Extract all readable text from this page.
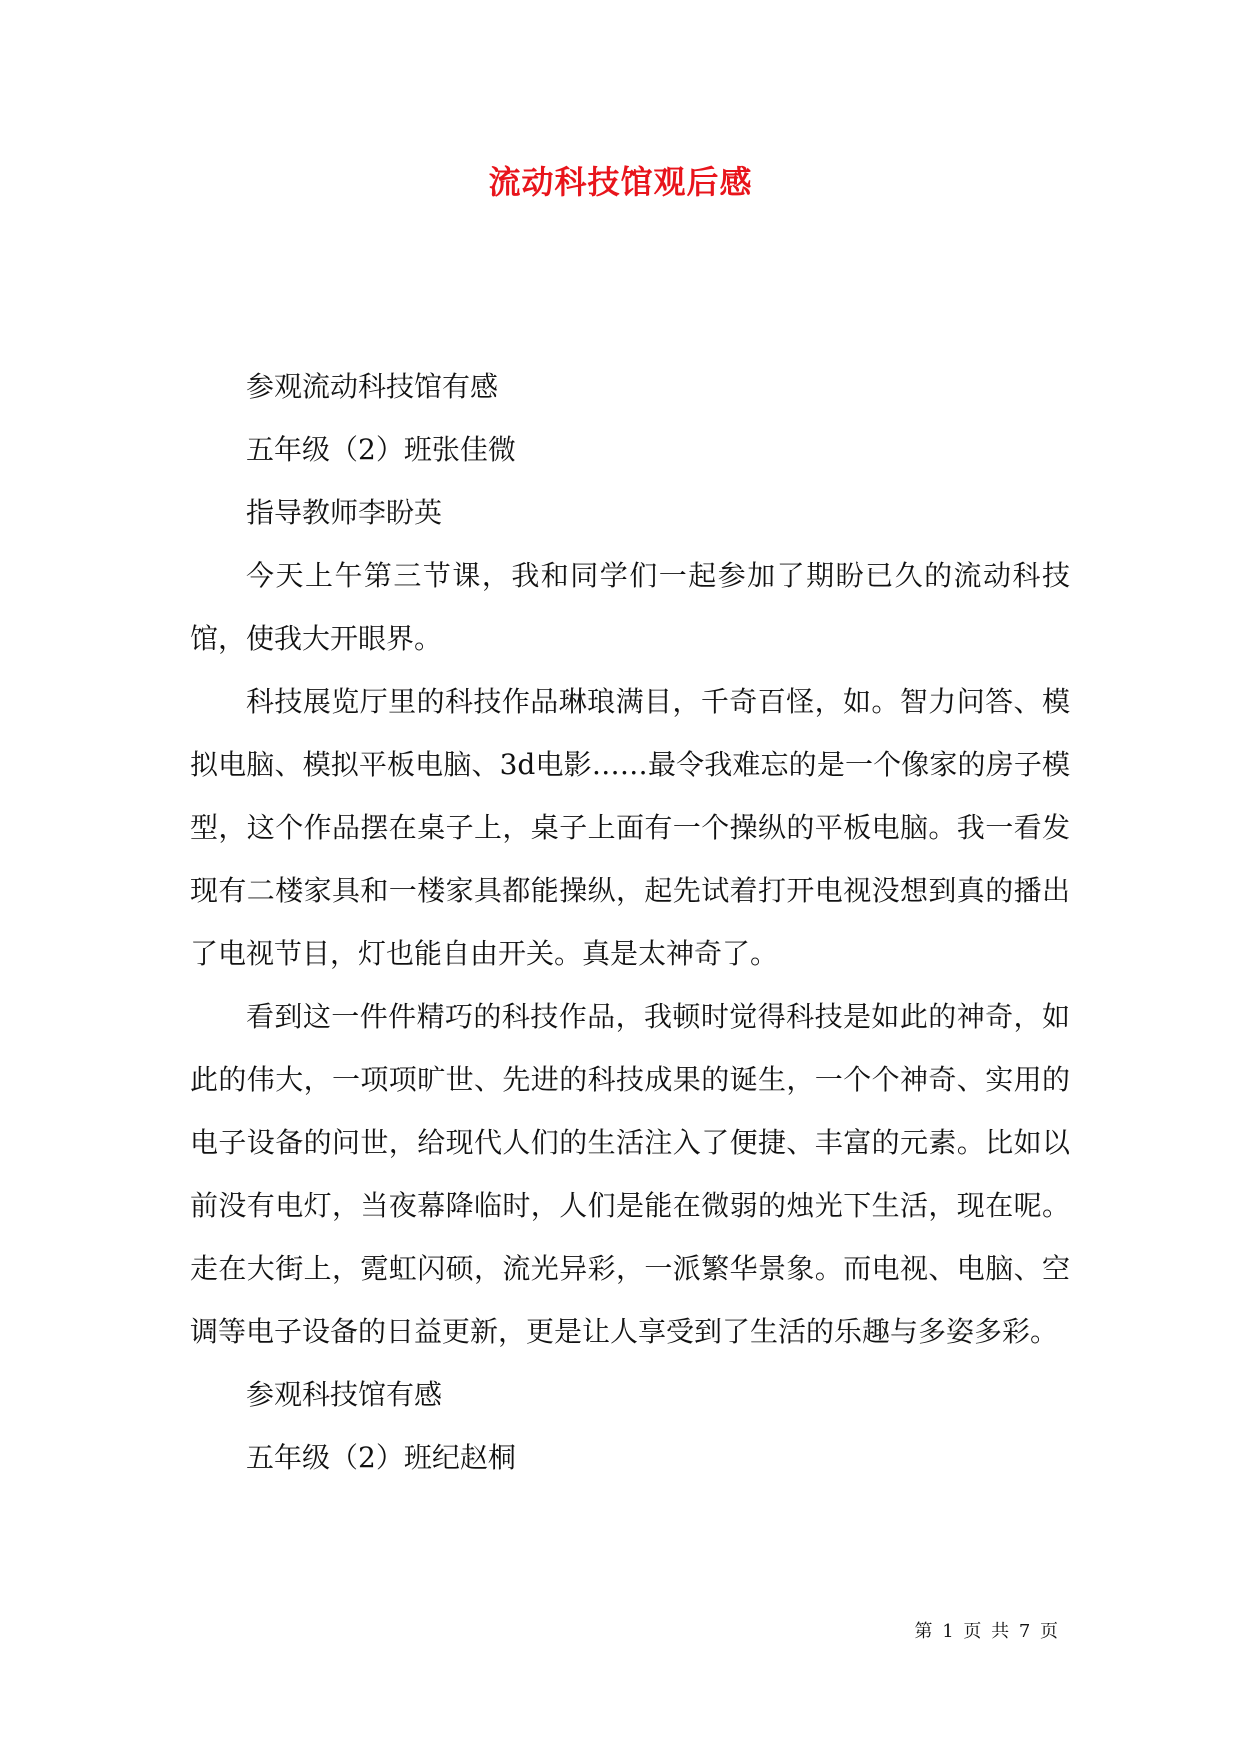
流动科技馆观后感

参观流动科技馆有感

五年级（2）班张佳微

指导教师李盼英

今天上午第三节课，我和同学们一起参加了期盼已久的流动科技馆，使我大开眼界。

科技展览厅里的科技作品琳琅满目，千奇百怪，如。智力问答、模拟电脑、模拟平板电脑、3d电影……最令我难忘的是一个像家的房子模型，这个作品摆在桌子上，桌子上面有一个操纵的平板电脑。我一看发现有二楼家具和一楼家具都能操纵，起先试着打开电视没想到真的播出了电视节目，灯也能自由开关。真是太神奇了。

看到这一件件精巧的科技作品，我顿时觉得科技是如此的神奇，如此的伟大，一项项旷世、先进的科技成果的诞生，一个个神奇、实用的电子设备的问世，给现代人们的生活注入了便捷、丰富的元素。比如以前没有电灯，当夜幕降临时，人们是能在微弱的烛光下生活，现在呢。走在大街上，霓虹闪硕，流光异彩，一派繁华景象。而电视、电脑、空调等电子设备的日益更新，更是让人享受到了生活的乐趣与多姿多彩。

参观科技馆有感

五年级（2）班纪赵桐

第 1 页 共 7 页
